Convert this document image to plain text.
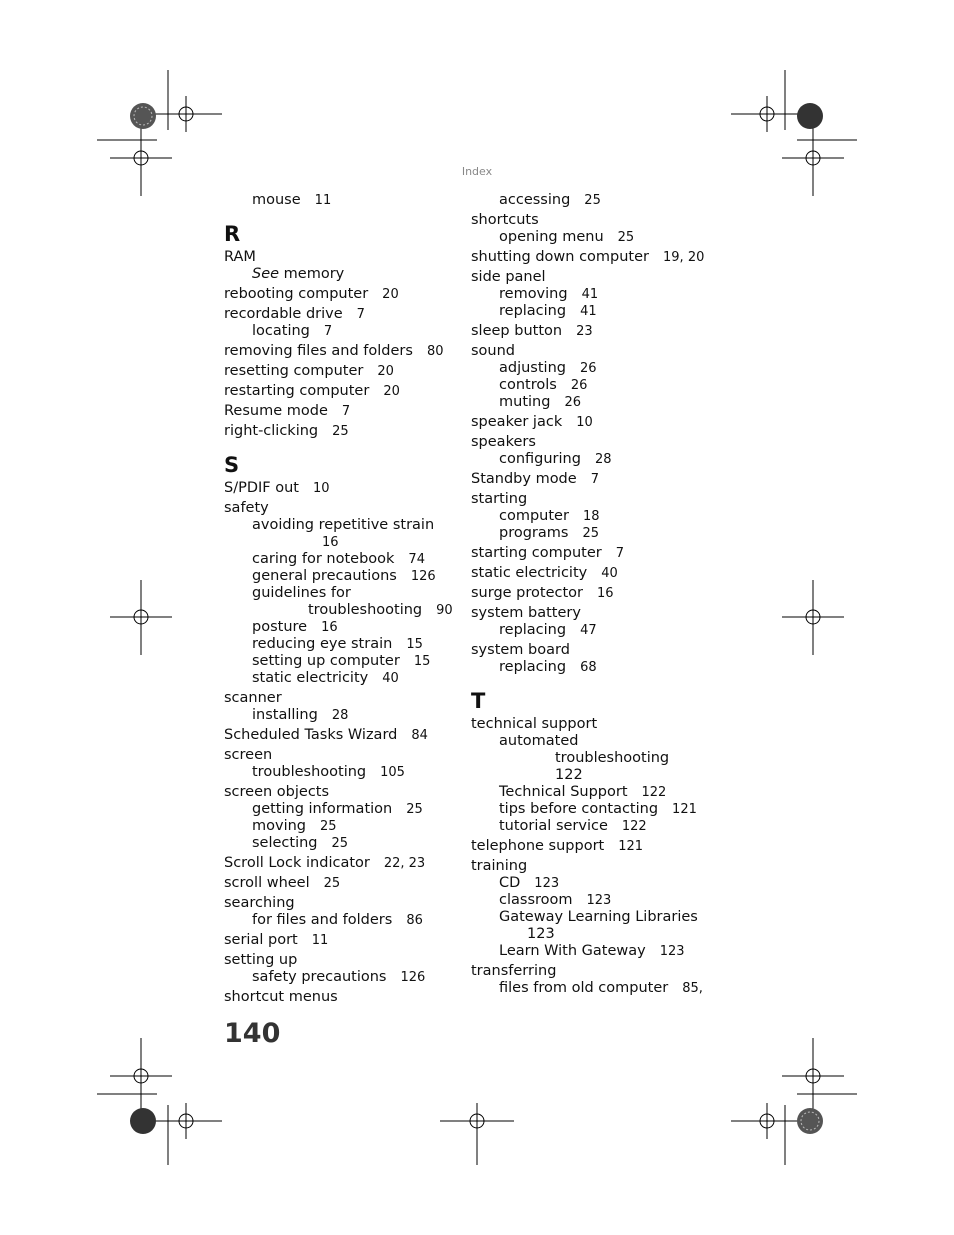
Index
mouse 11
R
RAM
See memory
rebooting computer 20
recordable drive 7
locating 7
removing files and folders 80
resetting computer 20
restarting computer 20
Resume mode 7
right-clicking 25
S
S/PDIF out 10
safety
avoiding repetitive strain
16
caring for notebook 74
general precautions 126
guidelines for
troubleshooting 90
posture 16
reducing eye strain 15
setting up computer 15
static electricity 40
scanner
installing 28
Scheduled Tasks Wizard 84
screen
troubleshooting 105
screen objects
getting information 25
moving 25
selecting 25
Scroll Lock indicator 22, 23
scroll wheel 25
searching
for files and folders 86
serial port 11
setting up
safety precautions 126
shortcut menus
accessing 25
shortcuts
opening menu 25
shutting down computer 19, 20
side panel
removing 41
replacing 41
sleep button 23
sound
adjusting 26
controls 26
muting 26
speaker jack 10
speakers
configuring 28
Standby mode 7
starting
computer 18
programs 25
starting computer 7
static electricity 40
surge protector 16
system battery
replacing 47
system board
replacing 68
T
technical support
automated
troubleshooting
122
Technical Support 122
tips before contacting 121
tutorial service 122
telephone support 121
training
CD 123
classroom 123
Gateway Learning Libraries
123
Learn With Gateway 123
transferring
files from old computer 85,
140
